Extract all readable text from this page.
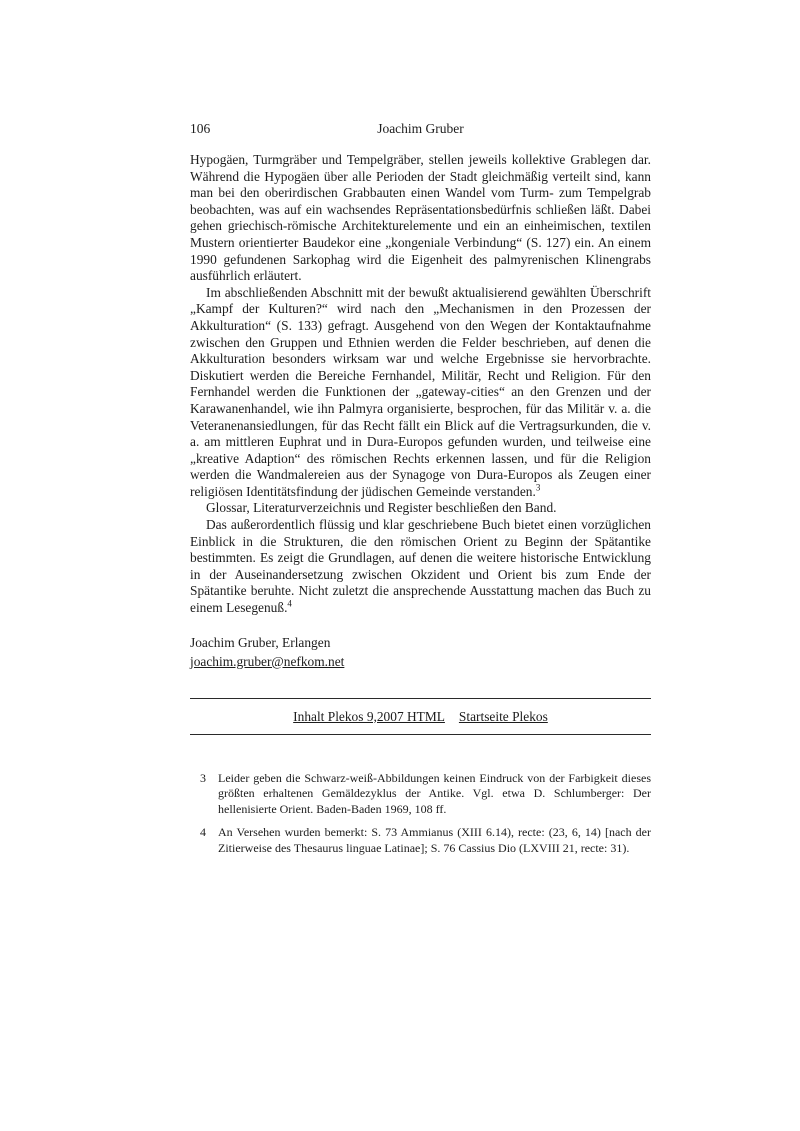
Joachim Gruber
106

Hypogäen, Turmgräber und Tempelgräber, stellen jeweils kollektive Grablegen dar. Während die Hypogäen über alle Perioden der Stadt gleichmäßig verteilt sind, kann man bei den oberirdischen Grabbauten einen Wandel vom Turm- zum Tempelgrab beobachten, was auf ein wachsendes Repräsentationsbedürfnis schließen läßt. Dabei gehen griechisch-römische Architekturelemente und ein an einheimischen, textilen Mustern orientierter Baudekor eine „kongeniale Verbindung“ (S. 127) ein. An einem 1990 gefundenen Sarkophag wird die Eigenheit des palmyrenischen Klinengrabs ausführlich erläutert.

Im abschließenden Abschnitt mit der bewußt aktualisierend gewählten Überschrift „Kampf der Kulturen?“ wird nach den „Mechanismen in den Prozessen der Akkulturation“ (S. 133) gefragt. Ausgehend von den Wegen der Kontaktaufnahme zwischen den Gruppen und Ethnien werden die Felder beschrieben, auf denen die Akkulturation besonders wirksam war und welche Ergebnisse sie hervorbrachte. Diskutiert werden die Bereiche Fernhandel, Militär, Recht und Religion. Für den Fernhandel werden die Funktionen der „gateway-cities“ an den Grenzen und der Karawanenhandel, wie ihn Palmyra organisierte, besprochen, für das Militär v. a. die Veteranenansiedlungen, für das Recht fällt ein Blick auf die Vertragsurkunden, die v. a. am mittleren Euphrat und in Dura-Europos gefunden wurden, und teilweise eine „kreative Adaption“ des römischen Rechts erkennen lassen, und für die Religion werden die Wandmalereien aus der Synagoge von Dura-Europos als Zeugen einer religiösen Identitätsfindung der jüdischen Gemeinde verstanden.$^3$

Glossar, Literaturverzeichnis und Register beschließen den Band.

Das außerordentlich flüssig und klar geschriebene Buch bietet einen vorzüglichen Einblick in die Strukturen, die den römischen Orient zu Beginn der Spätantike bestimmten. Es zeigt die Grundlagen, auf denen die weitere historische Entwicklung in der Auseinandersetzung zwischen Okzident und Orient bis zum Ende der Spätantike beruhte. Nicht zuletzt die ansprechende Ausstattung machen das Buch zu einem Lesegenuß.$^4$

Joachim Gruber, Erlangen
joachim.gruber@nefkom.net
Inhalt Plekos 9,2007 HTML Startseite Plekos
3	Leider geben die Schwarz-weiß-Abbildungen keinen Eindruck von der Farbigkeit dieses größten erhaltenen Gemäldezyklus der Antike. Vgl. etwa D. Schlumberger: Der hellenisierte Orient. Baden-Baden 1969, 108 ff.
4	An Versehen wurden bemerkt: S. 73 Ammianus (XIII 6.14), recte: (23, 6, 14) [nach der Zitierweise des Thesaurus linguae Latinae]; S. 76 Cassius Dio (LXVIII 21, recte: 31).
